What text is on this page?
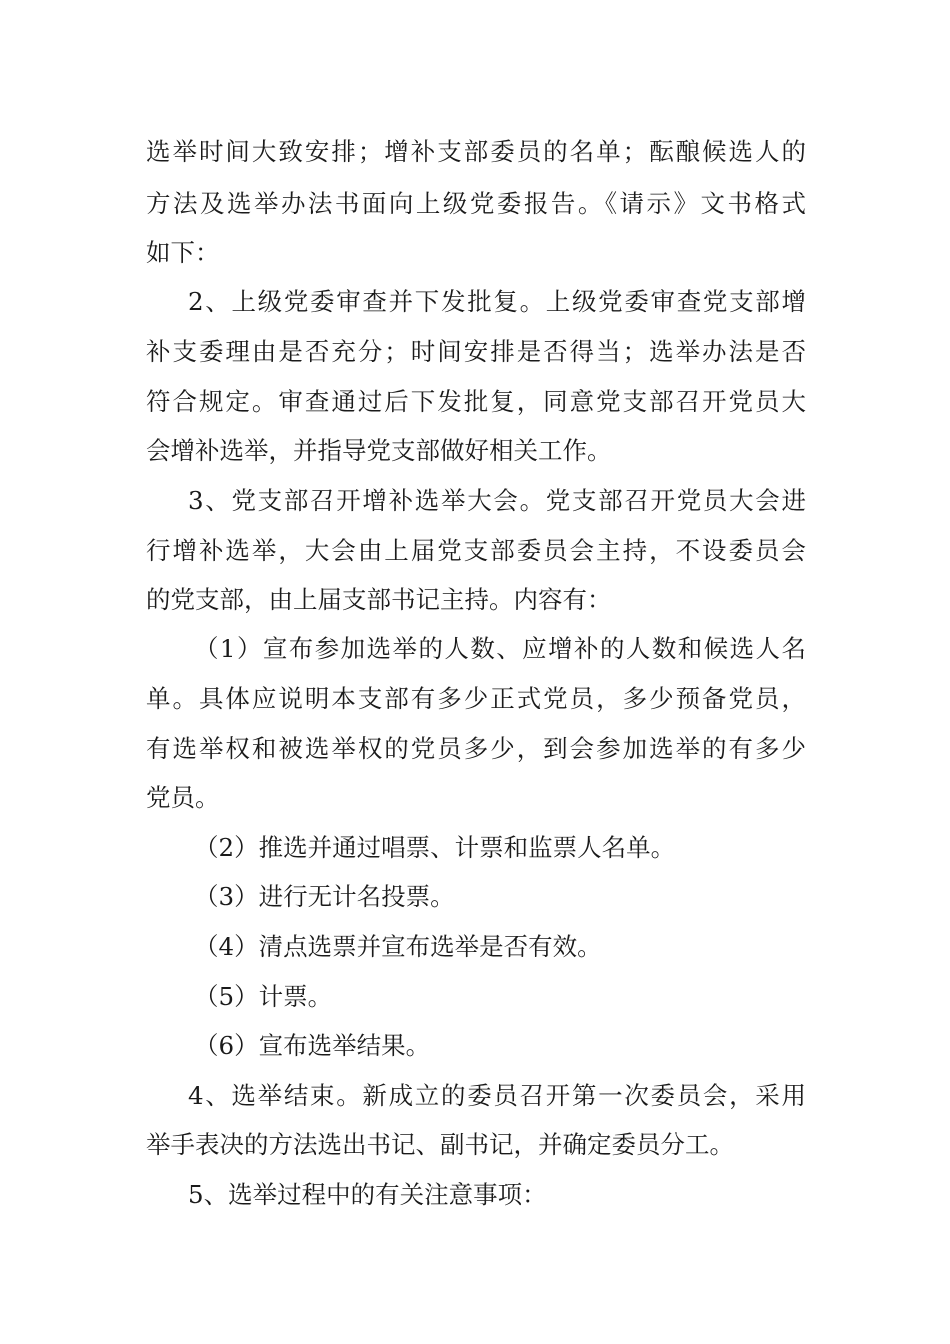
选举时间大致安排；增补支部委员的名单；酝酿候选人的
方法及选举办法书面向上级党委报告。《请示》文书格式
如下：
2、上级党委审查并下发批复。上级党委审查党支部增
补支委理由是否充分；时间安排是否得当；选举办法是否
符合规定。审查通过后下发批复，同意党支部召开党员大
会增补选举，并指导党支部做好相关工作。
3、党支部召开增补选举大会。党支部召开党员大会进
行增补选举，大会由上届党支部委员会主持，不设委员会
的党支部，由上届支部书记主持。内容有：
（1）宣布参加选举的人数、应增补的人数和候选人名
单。具体应说明本支部有多少正式党员，多少预备党员，
有选举权和被选举权的党员多少，到会参加选举的有多少
党员。
（2）推选并通过唱票、计票和监票人名单。
（3）进行无计名投票。
（4）清点选票并宣布选举是否有效。
（5）计票。
（6）宣布选举结果。
4、选举结束。新成立的委员召开第一次委员会，采用
举手表决的方法选出书记、副书记，并确定委员分工。
5、选举过程中的有关注意事项：
